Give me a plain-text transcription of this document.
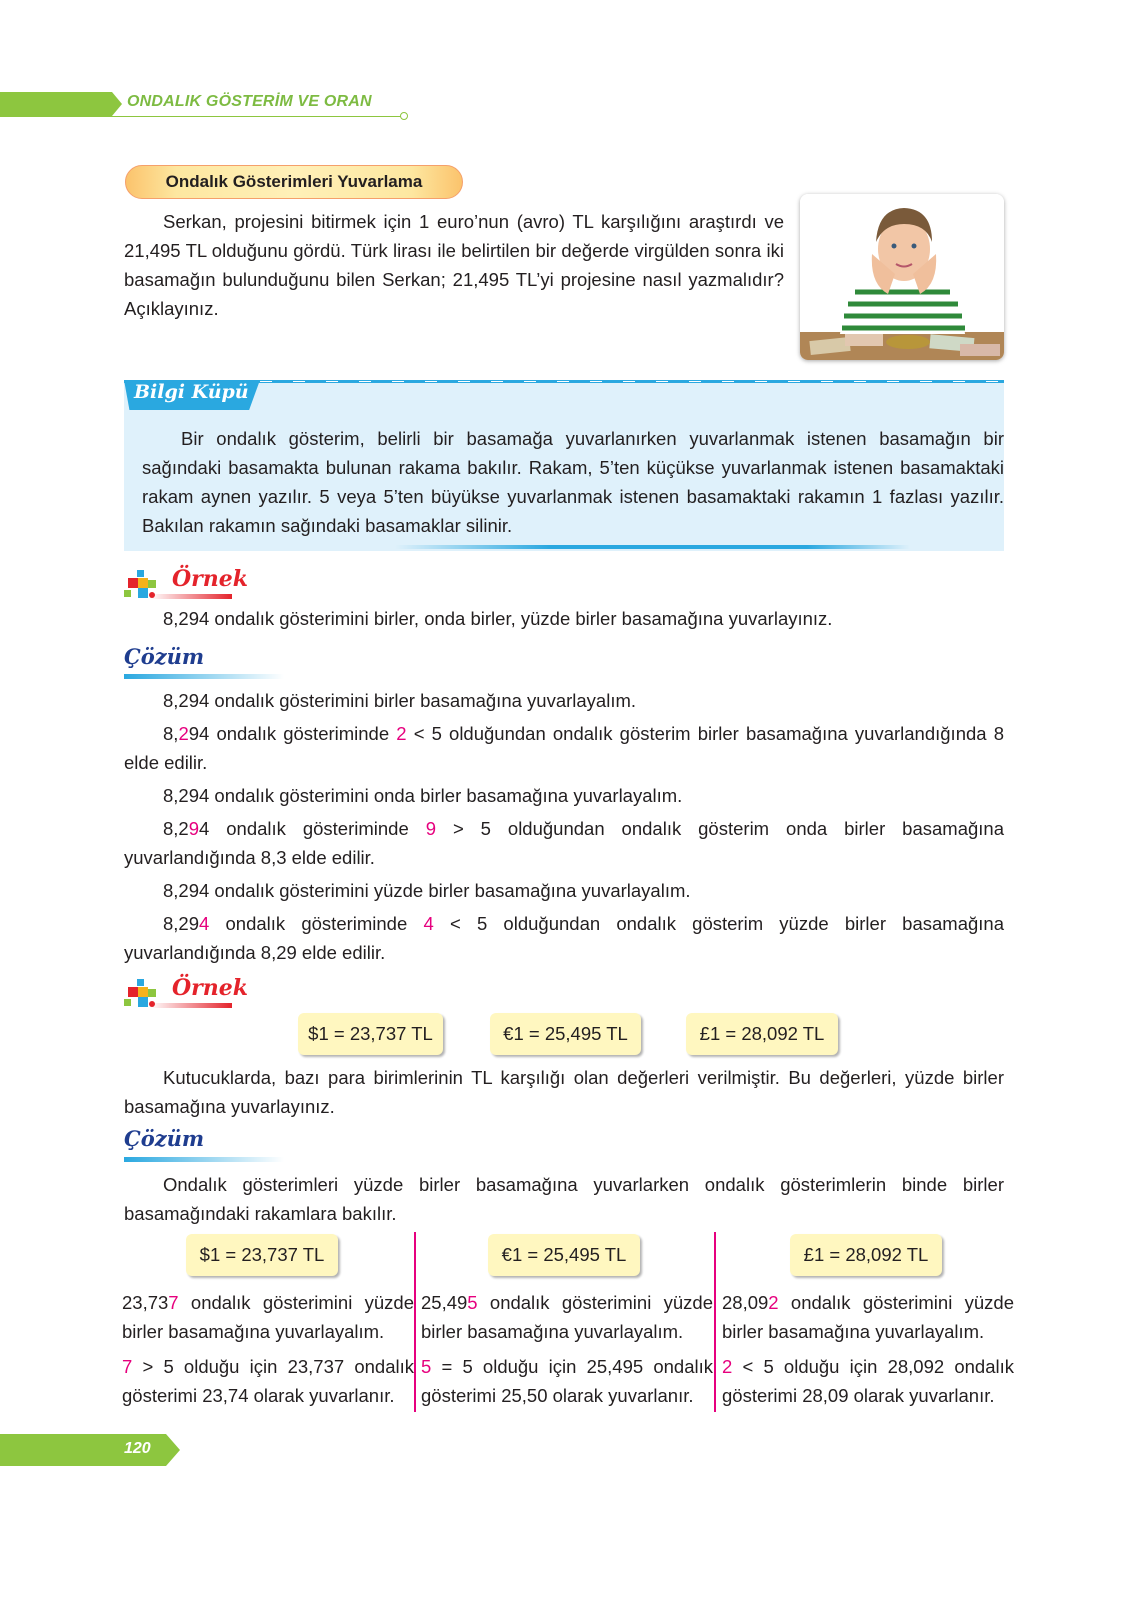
ONDALIK GÖSTERİM VE ORAN
Ondalık Gösterimleri Yuvarlama

Serkan, projesini bitirmek için 1 euro’nun (avro) TL karşılığını araştırdı ve 21,495 TL olduğunu gördü. Türk lirası ile belirtilen bir değerde virgülden sonra iki basamağın bulunduğunu bilen Serkan; 21,495 TL’yi projesine nasıl yazmalıdır? Açıklayınız.

Bilgi Küpü

Bir ondalık gösterim, belirli bir basamağa yuvarlanırken yuvarlanmak istenen basamağın bir sağındaki basamakta bulunan rakama bakılır. Rakam, 5’ten küçükse yuvarlanmak istenen basamaktaki rakam aynen yazılır. 5 veya 5’ten büyükse yuvarlanmak istenen basamaktaki rakamın 1 fazlası yazılır. Bakılan rakamın sağındaki basamaklar silinir.

Örnek

8,294 ondalık gösterimini birler, onda birler, yüzde birler basamağına yuvarlayınız.

Çözüm

8,294 ondalık gösterimini birler basamağına yuvarlayalım.

8,294 ondalık gösteriminde 2 < 5 olduğundan ondalık gösterim birler basamağına yuvarlandığında 8 elde edilir.

8,294 ondalık gösterimini onda birler basamağına yuvarlayalım.

8,294 ondalık gösteriminde 9 > 5 olduğundan ondalık gösterim onda birler basamağına yuvarlandığında 8,3 elde edilir.

8,294 ondalık gösterimini yüzde birler basamağına yuvarlayalım.

8,294 ondalık gösteriminde 4 < 5 olduğundan ondalık gösterim yüzde birler basamağına yuvarlandığında 8,29 elde edilir.

Örnek
$1 = 23,737 TL	€1 = 25,495 TL	£1 = 28,092 TL

Kutucuklarda, bazı para birimlerinin TL karşılığı olan değerleri verilmiştir. Bu değerleri, yüzde birler basamağına yuvarlayınız.

Çözüm

Ondalık gösterimleri yüzde birler basamağına yuvarlarken ondalık gösterimlerin binde birler basamağındaki rakamlara bakılır.

$1 = 23,737 TL	€1 = 25,495 TL	£1 = 28,092 TL

23,737 ondalık gösterimini yüzde birler basamağına yuvarlayalım.

7 > 5 olduğu için 23,737 ondalık gösterimi 23,74 olarak yuvarlanır.

25,495 ondalık gösterimini yüzde birler basamağına yuvarlayalım.

5 = 5 olduğu için 25,495 ondalık gösterimi 25,50 olarak yuvarlanır.

28,092 ondalık gösterimini yüzde birler basamağına yuvarlayalım.

2 < 5 olduğu için 28,092 ondalık gösterimi 28,09 olarak yuvarlanır.

120
